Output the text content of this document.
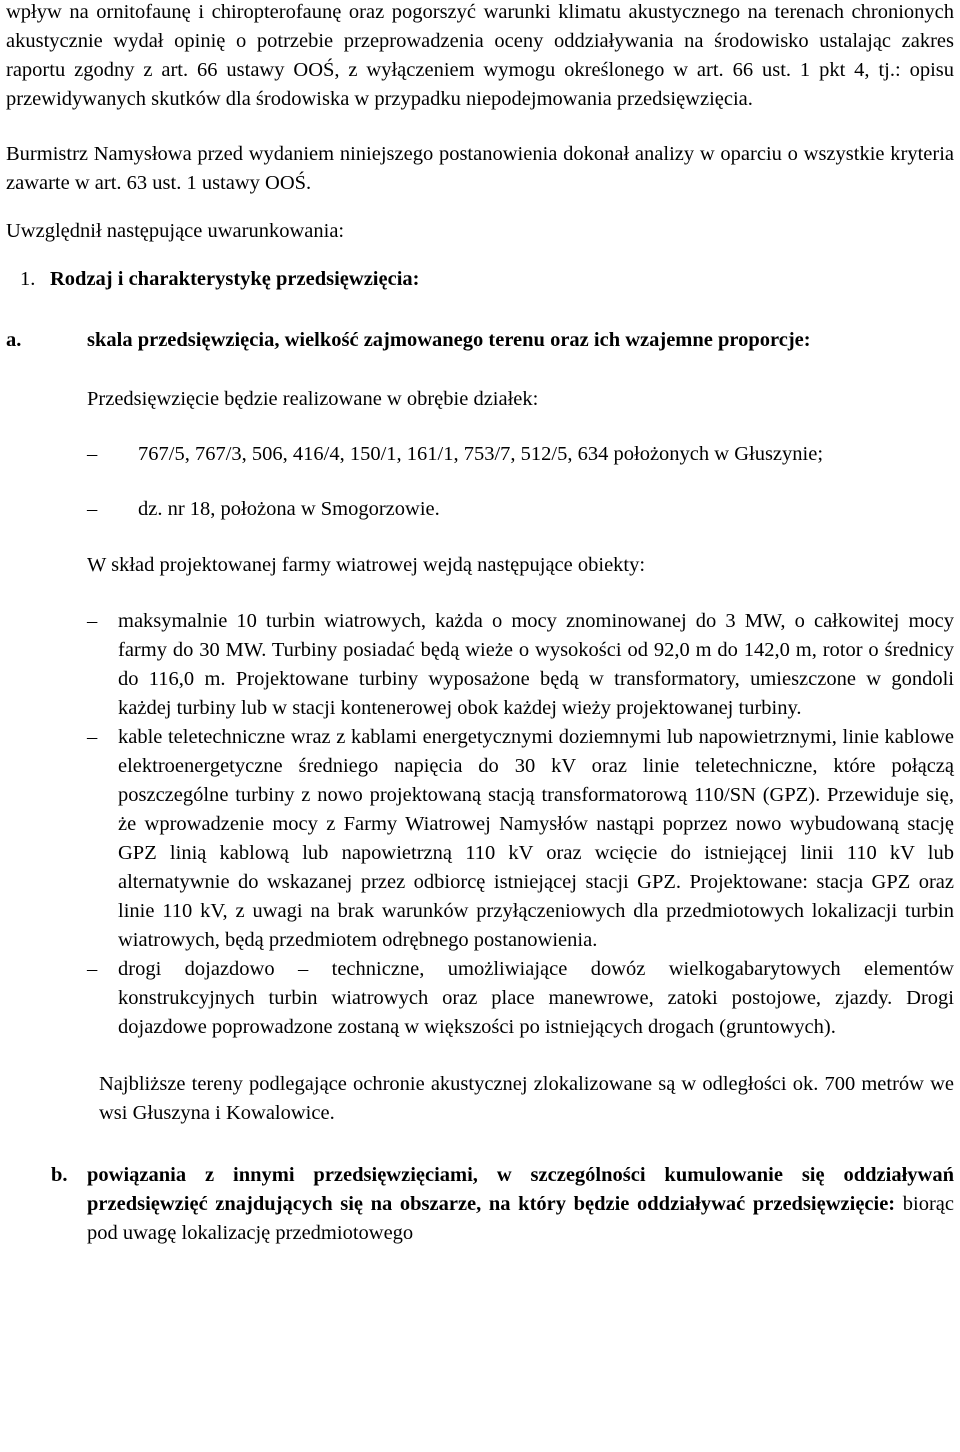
wpływ na ornitofaunę i chiropterofaunę oraz pogorszyć warunki klimatu akustycznego na terenach chronionych akustycznie wydał opinię o potrzebie przeprowadzenia oceny oddziaływania na środowisko ustalając zakres raportu zgodny z art. 66 ustawy OOŚ, z wyłączeniem wymogu określonego w art. 66 ust. 1 pkt 4, tj.: opisu przewidywanych skutków dla środowiska w przypadku niepodejmowania przedsięwzięcia.

Burmistrz Namysłowa przed wydaniem niniejszego postanowienia dokonał analizy w oparciu o wszystkie kryteria zawarte w art. 63 ust. 1 ustawy OOŚ.

Uwzględnił następujące uwarunkowania:

1. Rodzaj i charakterystykę przedsięwzięcia:
a.	skala przedsięwzięcia, wielkość zajmowanego terenu oraz ich wzajemne proporcje:

Przedsięwzięcie będzie realizowane w obrębie działek:

–	767/5, 767/3, 506, 416/4, 150/1, 161/1, 753/7, 512/5, 634 położonych w Głuszynie;
–	dz. nr 18, położona w Smogorzowie.

W skład projektowanej farmy wiatrowej wejdą następujące obiekty:

–	maksymalnie 10 turbin wiatrowych, każda o mocy znominowanej do 3 MW, o całkowitej mocy farmy do 30 MW. Turbiny posiadać będą wieże o wysokości od 92,0 m do 142,0 m, rotor o średnicy do 116,0 m. Projektowane turbiny wyposażone będą w transformatory, umieszczone w gondoli każdej turbiny lub w stacji kontenerowej obok każdej wieży projektowanej turbiny.
–	kable teletechniczne wraz z kablami energetycznymi doziemnymi lub napowietrznymi, linie kablowe elektroenergetyczne średniego napięcia do 30 kV oraz linie teletechniczne, które połączą poszczególne turbiny z nowo projektowaną stacją transformatorową 110/SN (GPZ). Przewiduje się, że wprowadzenie mocy z Farmy Wiatrowej Namysłów nastąpi poprzez nowo wybudowaną stację GPZ linią kablową lub napowietrzną 110 kV oraz wcięcie do istniejącej linii 110 kV lub alternatywnie do wskazanej przez odbiorcę istniejącej stacji GPZ. Projektowane: stacja GPZ oraz linie 110 kV, z uwagi na brak warunków przyłączeniowych dla przedmiotowych lokalizacji turbin wiatrowych, będą przedmiotem odrębnego postanowienia.
–	drogi dojazdowo – techniczne, umożliwiające dowóz wielkogabarytowych elementów konstrukcyjnych turbin wiatrowych oraz place manewrowe, zatoki postojowe, zjazdy. Drogi dojazdowe poprowadzone zostaną w większości po istniejących drogach (gruntowych).

Najbliższe tereny podlegające ochronie akustycznej zlokalizowane są w odległości ok. 700 metrów we wsi Głuszyna i Kowalowice.

b. powiązania z innymi przedsięwzięciami, w szczególności kumulowanie się oddziaływań przedsięwzięć znajdujących się na obszarze, na który będzie oddziaływać przedsięwzięcie: biorąc pod uwagę lokalizację przedmiotowego
